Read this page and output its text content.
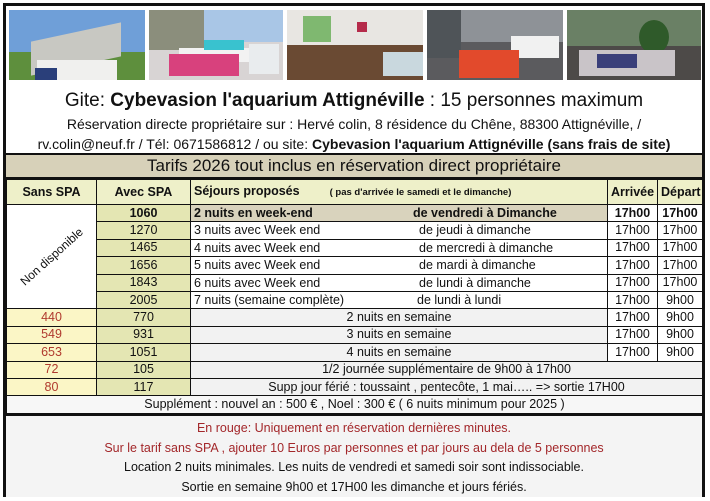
Gite: Cybevasion l'aquarium Attignéville : 15 personnes maximum
Réservation directe propriétaire sur : Hervé colin, 8 résidence du Chêne, 88300 Attignéville, /
rv.colin@neuf.fr / Tél: 0671586812 / ou site: Cybevasion l'aquarium Attignéville (sans frais de site)
Tarifs 2026 tout inclus en réservation direct propriétaire
Sans SPA	Avec SPA	Séjours proposés ( pas d'arrivée le samedi et le dimanche)	Arrivée	Départ

Non disponible	1060	2 nuits en week-end de vendredi à Dimanche	17h00	17h00
	1270	3 nuits avec Week end de jeudi à dimanche	17h00	17h00
	1465	4 nuits avec Week end de mercredi à dimanche	17h00	17h00
	1656	5 nuits avec Week end de mardi à dimanche	17h00	17h00
	1843	6 nuits avec Week end de lundi à dimanche	17h00	17h00
	2005	7 nuits (semaine complète) de lundi à lundi	17h00	9h00
440	770	2 nuits en semaine	17h00	9h00
549	931	3 nuits en semaine	17h00	9h00
653	1051	4 nuits en semaine	17h00	9h00
72	105	1/2 journée supplémentaire de 9h00 à 17h00		
80	117	Supp jour férié : toussaint , pentecôte, 1 mai….. => sortie 17H00		
Supplément : nouvel an : 500 € , Noel : 300 € ( 6 nuits minimum pour 2025 )				
En rouge: Uniquement en réservation dernières minutes.
Sur le tarif sans SPA , ajouter 10 Euros par personnes et par jours au dela de 5 personnes
Location 2 nuits minimales. Les nuits de vendredi et samedi soir sont indissociable.
Sortie en semaine 9h00 et 17H00 les dimanche et jours fériés.
